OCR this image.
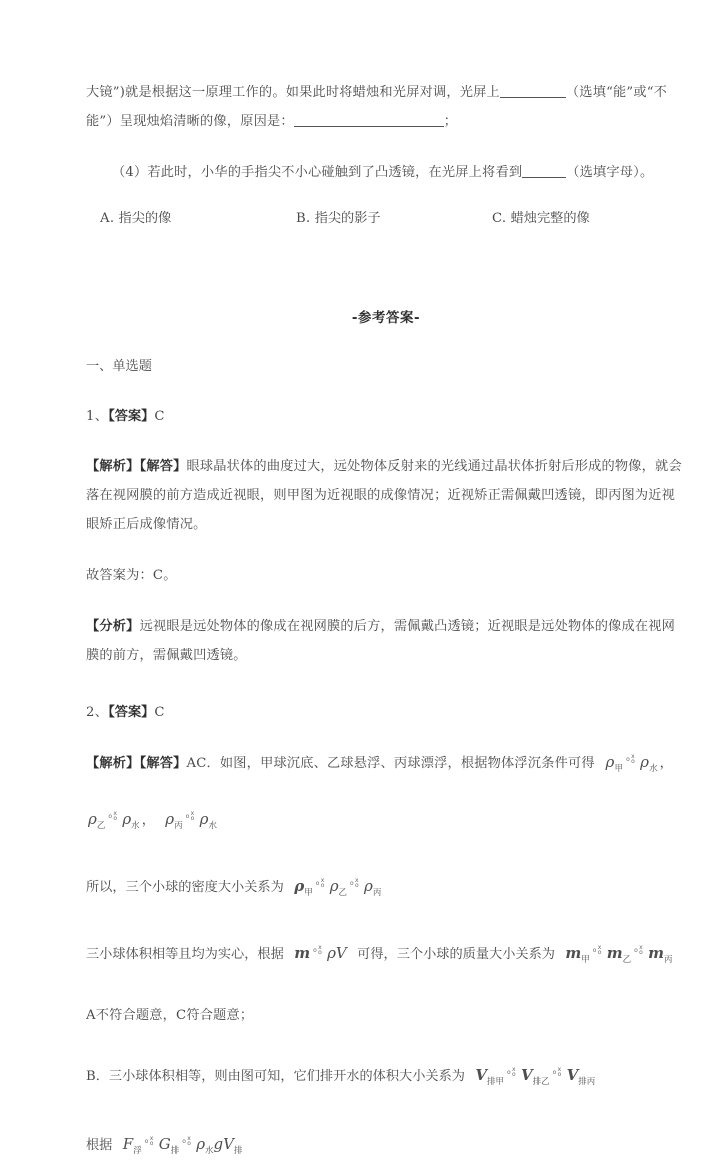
大镜”)就是根据这一原理工作的。如果此时将蜡烛和光屏对调，光屏上	（选填“能”或“不能”）呈现烛焰清晰的像，原因是：	；

（4）若此时，小华的手指尖不小心碰触到了凸透镜，在光屏上将看到	（选填字母）。

A. 指尖的像	B. 指尖的影子	C. 蜡烛完整的像
-参考答案-
一、单选题
1、【答案】C

【解析】【解答】眼球晶状体的曲度过大，远处物体反射来的光线通过晶状体折射后形成的物像，就会落在视网膜的前方造成近视眼，则甲图为近视眼的成像情况；近视矫正需佩戴凹透镜，即丙图为近视眼矫正后成像情况。

故答案为：C。

【分析】远视眼是远处物体的像成在视网膜的后方，需佩戴凸透镜；近视眼是远处物体的像成在视网膜的前方，需佩戴凹透镜。

2、【答案】C

【解析】【解答】AC．如图，甲球沉底、乙球悬浮、丙球漂浮，根据物体浮沉条件可得 $\rho_甲$
o x
o $\rho_水$ ，

$\rho_乙$
o x
o $\rho_水$ ， $\rho_丙$
o x
o $\rho_水$
所以，三个小球的密度大小关系为 $\rho_甲$
o x
o $\rho_乙$
o x
o $\rho_丙$
三小球体积相等且均为实心，根据 m o x
o ρV 可得，三个小球的质量大小关系为 $m_甲$
o x
o $m_乙$
o x
o $m_丙$

A不符合题意，C符合题意；

B．三小球体积相等，则由图可知，它们排开水的体积大小关系为 $V_{排甲}$
o x
o $V_{排乙}$
o x
o $V_{排丙}$
根据 $F_浮$
o x
o $G_排$
o x
o $\rho_水gV_排$
